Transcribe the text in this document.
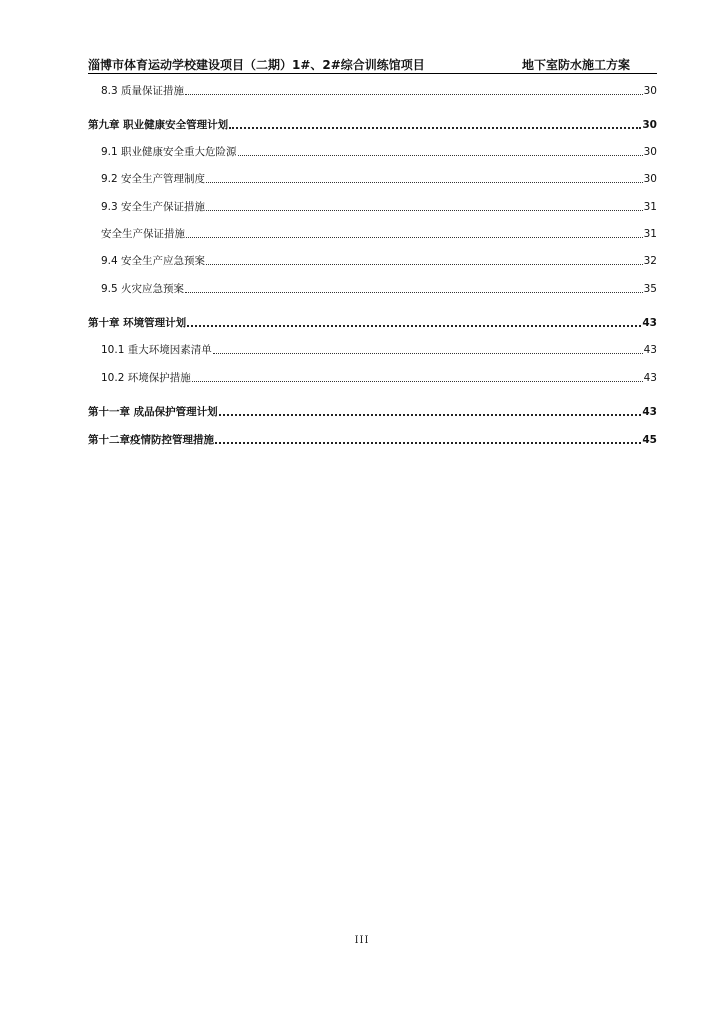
淄博市体育运动学校建设项目（二期）1#、2#综合训练馆项目	地下室防水施工方案
8.3 质量保证措施	30
第九章 职业健康安全管理计划	30
9.1 职业健康安全重大危险源	30
9.2 安全生产管理制度	30
9.3 安全生产保证措施	31
安全生产保证措施	31
9.4 安全生产应急预案	32
9.5 火灾应急预案	35
第十章 环境管理计划	43
10.1 重大环境因素清单	43
10.2 环境保护措施	43
第十一章 成品保护管理计划	43
第十二章疫情防控管理措施	45
III
